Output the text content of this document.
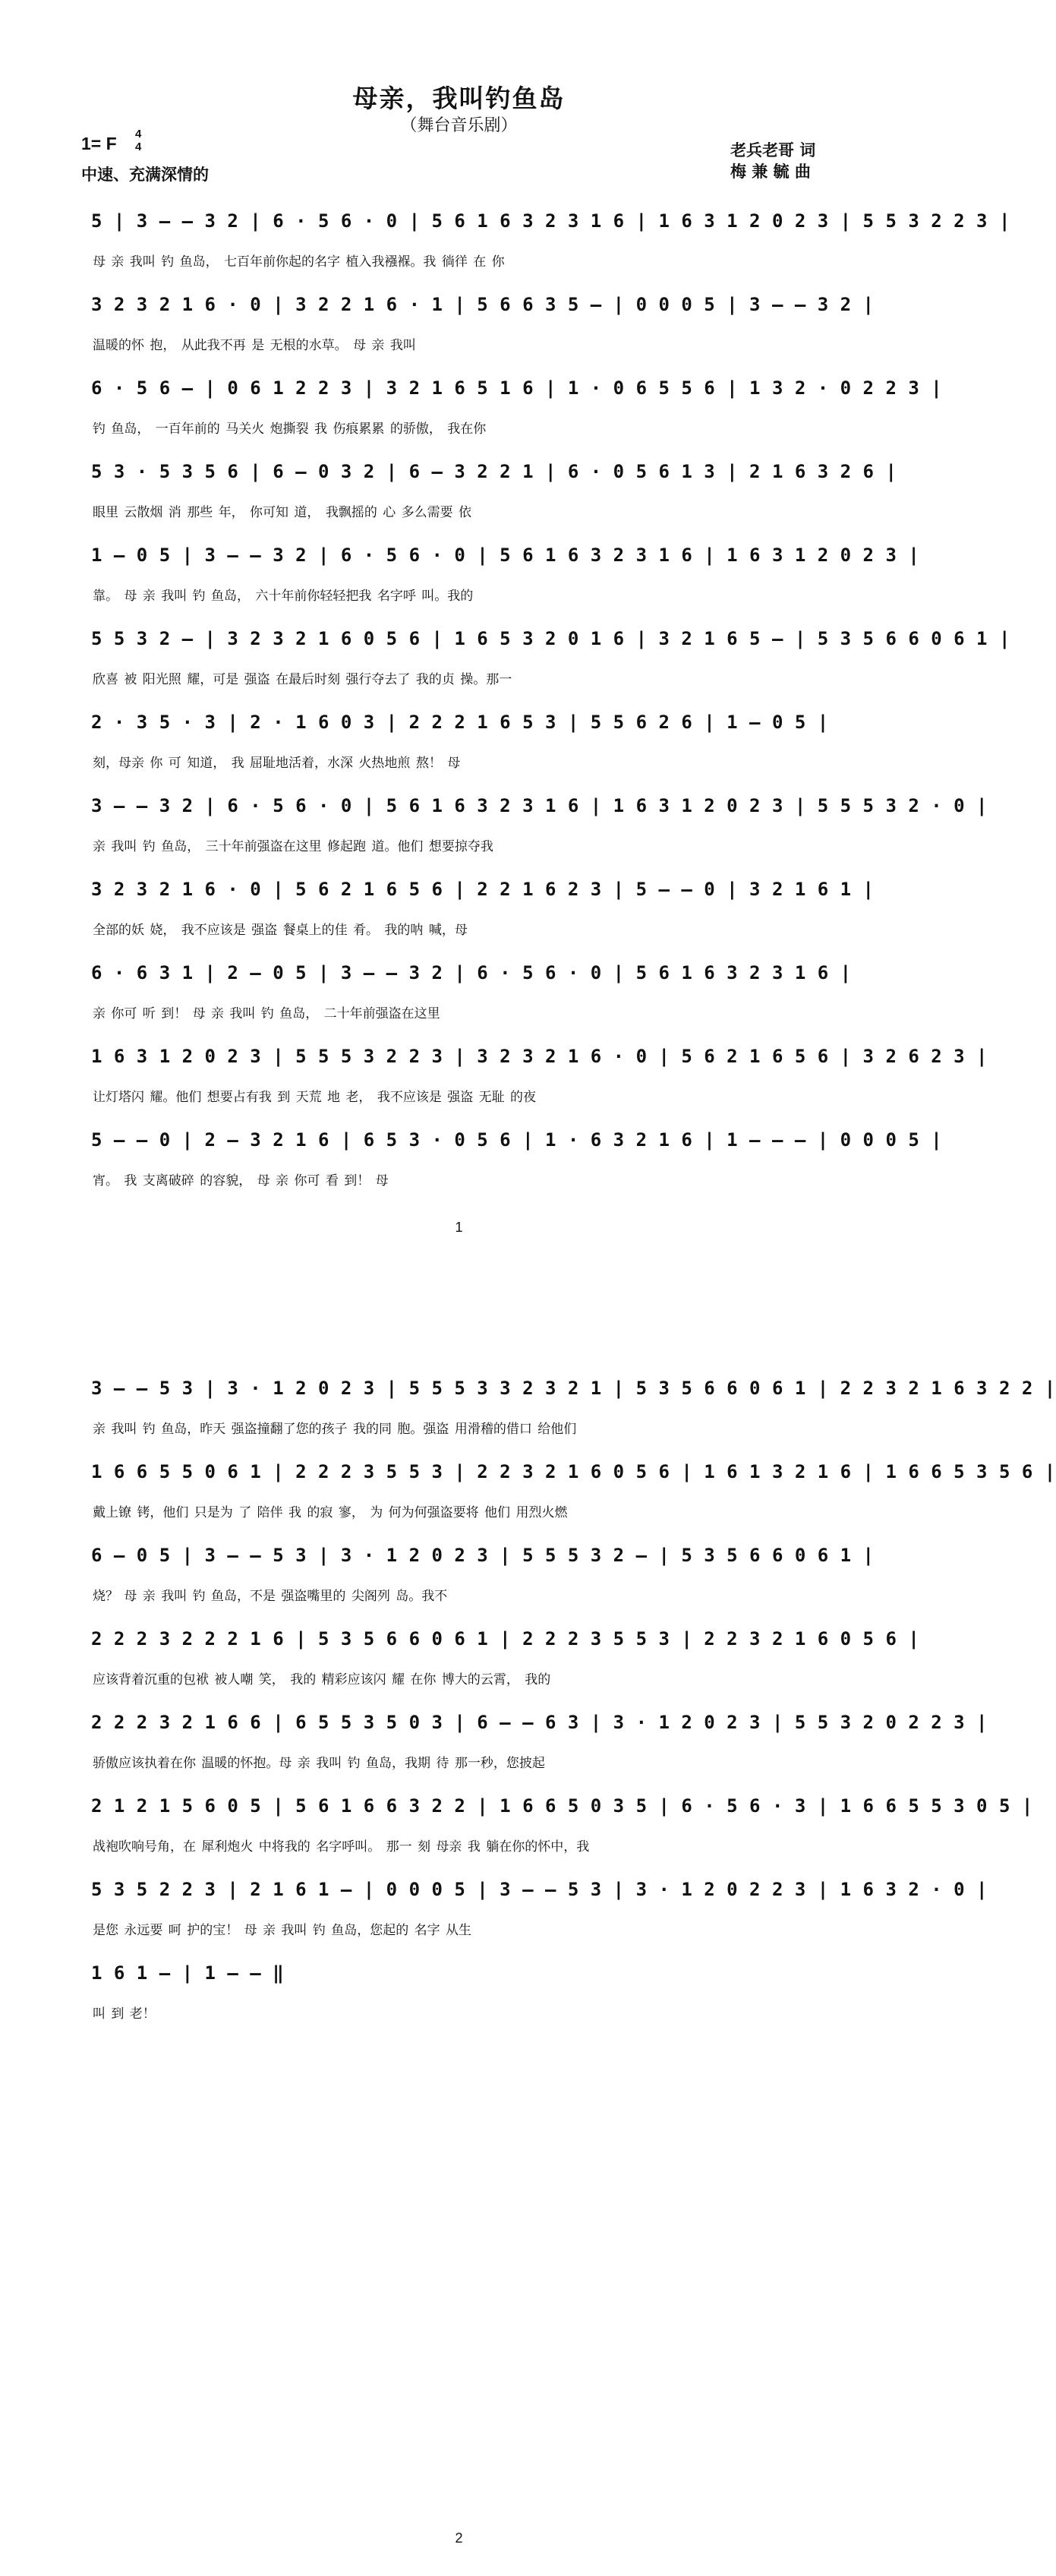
母亲，我叫钓鱼岛
（舞台音乐剧）
1= F 4
4
中速、充满深情的
老兵老哥 词
梅 兼 毓 曲
5 | 3 — — 3 2 | 6 · 5 6 · 0 | 5 6 1 6 3 2 3 1 6 | 1 6 3 1 2 0 2 3 | 5 5 3 2 2 3 |
母 亲 我叫 钓 鱼岛， 七百年前你起的名字 植入我襁褓。我 徜徉 在 你
3 2 3 2 1 6 · 0 | 3 2 2 1 6 · 1 | 5 6 6 3 5 — | 0 0 0 5 | 3 — — 3 2 |
温暖的怀 抱， 从此我不再 是 无根的水草。 母 亲 我叫
6 · 5 6 — | 0 6 1 2 2 3 | 3 2 1 6 5 1 6 | 1 · 0 6 5 5 6 | 1 3 2 · 0 2 2 3 |
钓 鱼岛， 一百年前的 马关火 炮撕裂 我 伤痕累累 的骄傲， 我在你
5 3 · 5 3 5 6 | 6 — 0 3 2 | 6 — 3 2 2 1 | 6 · 0 5 6 1 3 | 2 1 6 3 2 6 |
眼里 云散烟 消 那些 年， 你可知 道， 我飘摇的 心 多么需要 依
1 — 0 5 | 3 — — 3 2 | 6 · 5 6 · 0 | 5 6 1 6 3 2 3 1 6 | 1 6 3 1 2 0 2 3 |
靠。 母 亲 我叫 钓 鱼岛， 六十年前你轻轻把我 名字呼 叫。我的
5 5 3 2 — | 3 2 3 2 1 6 0 5 6 | 1 6 5 3 2 0 1 6 | 3 2 1 6 5 — | 5 3 5 6 6 0 6 1 |
欣喜 被 阳光照 耀，可是 强盗 在最后时刻 强行夺去了 我的贞 操。那一
2 · 3 5 · 3 | 2 · 1 6 0 3 | 2 2 2 1 6 5 3 | 5 5 6 2 6 | 1 — 0 5 |
刻，母亲 你 可 知道， 我 屈耻地活着，水深 火热地煎 熬！ 母
3 — — 3 2 | 6 · 5 6 · 0 | 5 6 1 6 3 2 3 1 6 | 1 6 3 1 2 0 2 3 | 5 5 5 3 2 · 0 |
亲 我叫 钓 鱼岛， 三十年前强盗在这里 修起跑 道。他们 想要掠夺我
3 2 3 2 1 6 · 0 | 5 6 2 1 6 5 6 | 2 2 1 6 2 3 | 5 — — 0 | 3 2 1 6 1 |
全部的妖 娆， 我不应该是 强盗 餐桌上的佳 肴。 我的呐 喊，母
6 · 6 3 1 | 2 — 0 5 | 3 — — 3 2 | 6 · 5 6 · 0 | 5 6 1 6 3 2 3 1 6 |
亲 你可 听 到！ 母 亲 我叫 钓 鱼岛， 二十年前强盗在这里
1 6 3 1 2 0 2 3 | 5 5 5 3 2 2 3 | 3 2 3 2 1 6 · 0 | 5 6 2 1 6 5 6 | 3 2 6 2 3 |
让灯塔闪 耀。他们 想要占有我 到 天荒 地 老， 我不应该是 强盗 无耻 的夜
5 — — 0 | 2 — 3 2 1 6 | 6 5 3 · 0 5 6 | 1 · 6 3 2 1 6 | 1 — — — | 0 0 0 5 |
宵。 我 支离破碎 的容貌， 母 亲 你可 看 到！ 母
1
3 — — 5 3 | 3 · 1 2 0 2 3 | 5 5 5 3 3 2 3 2 1 | 5 3 5 6 6 0 6 1 | 2 2 3 2 1 6 3 2 2 |
亲 我叫 钓 鱼岛，昨天 强盗撞翻了您的孩子 我的同 胞。强盗 用滑稽的借口 给他们
1 6 6 5 5 0 6 1 | 2 2 2 3 5 5 3 | 2 2 3 2 1 6 0 5 6 | 1 6 1 3 2 1 6 | 1 6 6 5 3 5 6 |
戴上镣 铐，他们 只是为 了 陪伴 我 的寂 寥， 为 何为何强盗要将 他们 用烈火燃
6 — 0 5 | 3 — — 5 3 | 3 · 1 2 0 2 3 | 5 5 5 3 2 — | 5 3 5 6 6 0 6 1 |
烧？ 母 亲 我叫 钓 鱼岛，不是 强盗嘴里的 尖阁列 岛。我不
2 2 2 3 2 2 2 1 6 | 5 3 5 6 6 0 6 1 | 2 2 2 3 5 5 3 | 2 2 3 2 1 6 0 5 6 |
应该背着沉重的包袱 被人嘲 笑， 我的 精彩应该闪 耀 在你 博大的云霄， 我的
2 2 2 3 2 1 6 6 | 6 5 5 3 5 0 3 | 6 — — 6 3 | 3 · 1 2 0 2 3 | 5 5 3 2 0 2 2 3 |
骄傲应该执着在你 温暖的怀抱。母 亲 我叫 钓 鱼岛，我期 待 那一秒，您披起
2 1 2 1 5 6 0 5 | 5 6 1 6 6 3 2 2 | 1 6 6 5 0 3 5 | 6 · 5 6 · 3 | 1 6 6 5 5 3 0 5 |
战袍吹响号角，在 犀利炮火 中将我的 名字呼叫。 那一 刻 母亲 我 躺在你的怀中，我
5 3 5 2 2 3 | 2 1 6 1 — | 0 0 0 5 | 3 — — 5 3 | 3 · 1 2 0 2 2 3 | 1 6 3 2 · 0 |
是您 永远要 呵 护的宝！ 母 亲 我叫 钓 鱼岛，您起的 名字 从生
1 6 1 — | 1 — — ‖
叫 到 老！
2
